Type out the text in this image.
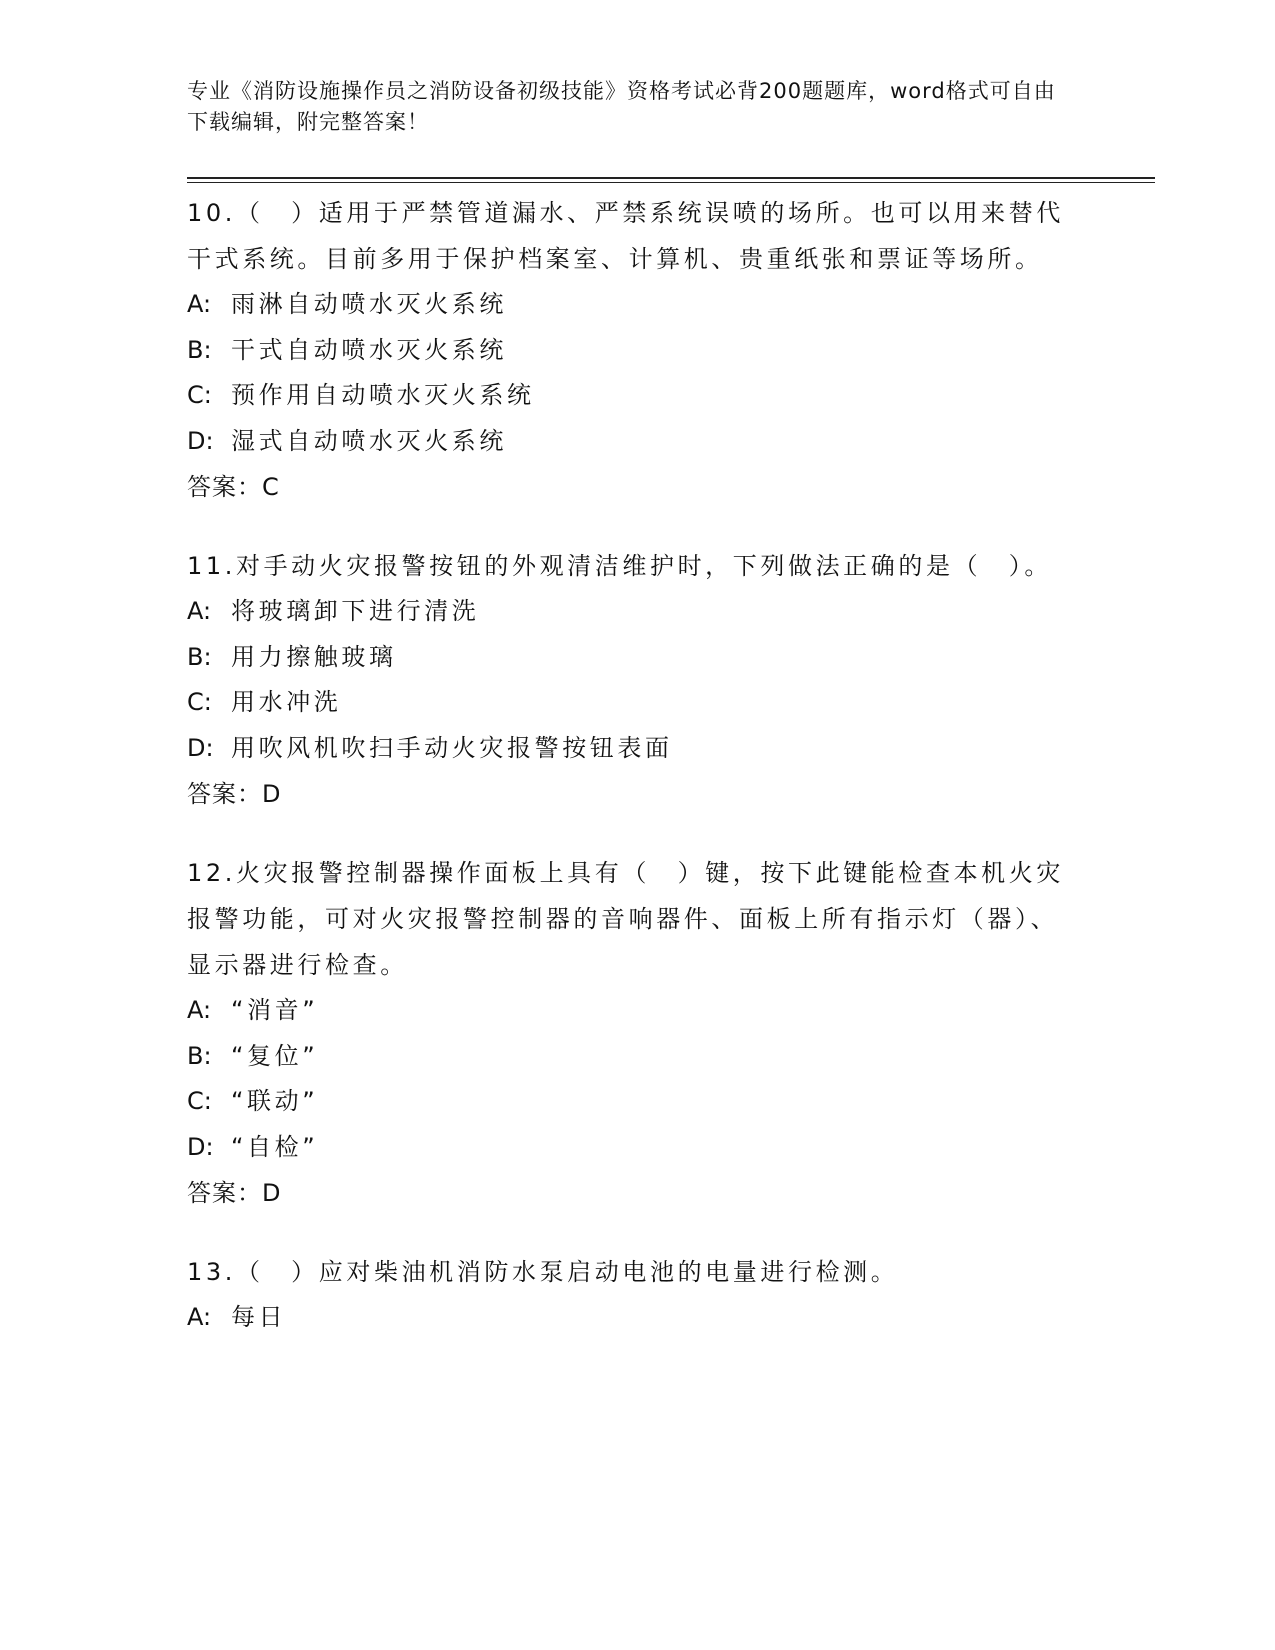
专业《消防设施操作员之消防设备初级技能》资格考试必背200题题库，word格式可自由下载编辑，附完整答案！
10.（　）适用于严禁管道漏水、严禁系统误喷的场所。也可以用来替代干式系统。目前多用于保护档案室、计算机、贵重纸张和票证等场所。
A: 雨淋自动喷水灭火系统
B: 干式自动喷水灭火系统
C: 预作用自动喷水灭火系统
D: 湿式自动喷水灭火系统
答案：C
11.对手动火灾报警按钮的外观清洁维护时，下列做法正确的是（　）。
A: 将玻璃卸下进行清洗
B: 用力擦触玻璃
C: 用水冲洗
D: 用吹风机吹扫手动火灾报警按钮表面
答案：D
12.火灾报警控制器操作面板上具有（　）键，按下此键能检查本机火灾报警功能，可对火灾报警控制器的音响器件、面板上所有指示灯（器）、显示器进行检查。
A: “消音”
B: “复位”
C: “联动”
D: “自检”
答案：D
13.（　）应对柴油机消防水泵启动电池的电量进行检测。
A: 每日
